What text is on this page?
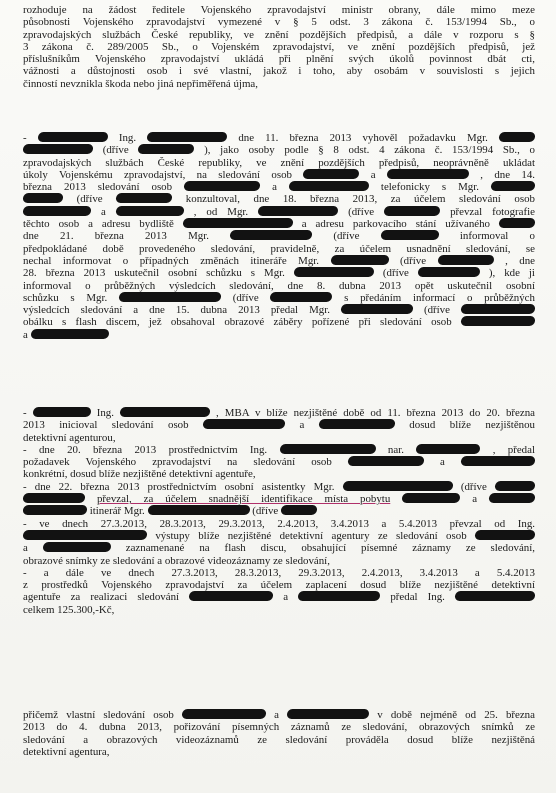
rozhoduje na žádost ředitele Vojenského zpravodajství ministr obrany, dále mimo meze
působnosti Vojenského zpravodajství vymezené v § 5 odst. 3 zákona č. 153/1994 Sb., o
zpravodajských službách České republiky, ve znění pozdějších předpisů, a dále v rozporu s §
3 zákona č. 289/2005 Sb., o Vojenském zpravodajství, ve znění pozdějších předpisů, jež
příslušníkům Vojenského zpravodajství ukládá při plnění svých úkolů povinnost dbát cti,
vážnosti a důstojnosti osob i své vlastní, jakož i toho, aby osobám v souvislosti s jejich
činností nevznikla škoda nebo jiná nepřiměřená újma,
-	Ing.	dne 11. března 2013 vyhověl požadavku Mgr.
(dříve	), jako osoby podle § 8 odst. 4 zákona č. 153/1994 Sb., o
zpravodajských službách České republiky, ve znění pozdějších předpisů, neoprávněně ukládat
úkoly Vojenskému zpravodajství, na sledování osob	a	, dne 14.
března 2013 sledování osob	a	telefonicky s Mgr.
(dříve	konzultoval, dne 18. března 2013, za účelem sledování osob
a	, od Mgr.	(dříve	převzal fotografie
těchto osob a adresu bydliště	a adresu parkovacího stání užívaného
dne 21. března 2013 Mgr.	(dříve	informoval o
předpokládané době provedeného sledování, pravidelně, za účelem usnadnění sledování, se
nechal informovat o případných změnách itineráře Mgr.	(dříve	, dne
28. března 2013 uskutečnil osobní schůzku s Mgr.	(dříve	), kde ji
informoval o průběžných výsledcích sledování, dne 8. dubna 2013 opět uskutečnil osobní
schůzku s Mgr.	(dříve	s předáním informací o průběžných
výsledcích sledování a dne 15. dubna 2013 předal Mgr.	(dříve
obálku s flash discem, jež obsahoval obrazové záběry pořízené při sledování osob
a
-	Ing.	, MBA v blíže nezjištěné době od 11. března 2013 do 20. března
2013 inicioval sledování osob	a	dosud blíže nezjištěnou
detektivní agenturou,
- dne 20. března 2013 prostřednictvím Ing.	nar.	, předal
požadavek Vojenského zpravodajství na sledování osob	a
konkrétní, dosud blíže nezjištěné detektivní agentuře,
- dne 22. března 2013 prostřednictvím osobní asistentky Mgr.	(dříve
převzal, za účelem snadnější identifikace místa pobytu	a
itinerář Mgr.	(dříve
- ve dnech 27.3.2013, 28.3.2013, 29.3.2013, 2.4.2013, 3.4.2013 a 5.4.2013 převzal od Ing.
výstupy blíže nezjištěné detektivní agentury ze sledování osob
a	zaznamenané na flash discu, obsahující písemné záznamy ze sledování,
obrazové snímky ze sledování a obrazové videozáznamy ze sledování,
- a dále ve dnech 27.3.2013, 28.3.2013, 29.3.2013, 2.4.2013, 3.4.2013 a 5.4.2013
z prostředků Vojenského zpravodajství za účelem zaplacení dosud blíže nezjištěné detektivní
agentuře za realizaci sledování	a	předal Ing.
celkem 125.300,-Kč,
přičemž vlastní sledování osob	a	v době nejméně od 25. března
2013 do 4. dubna 2013, pořizování písemných záznamů ze sledování, obrazových snímků ze
sledování a obrazových videozáznamů ze sledování prováděla dosud blíže nezjištěná
detektivní agentura,
